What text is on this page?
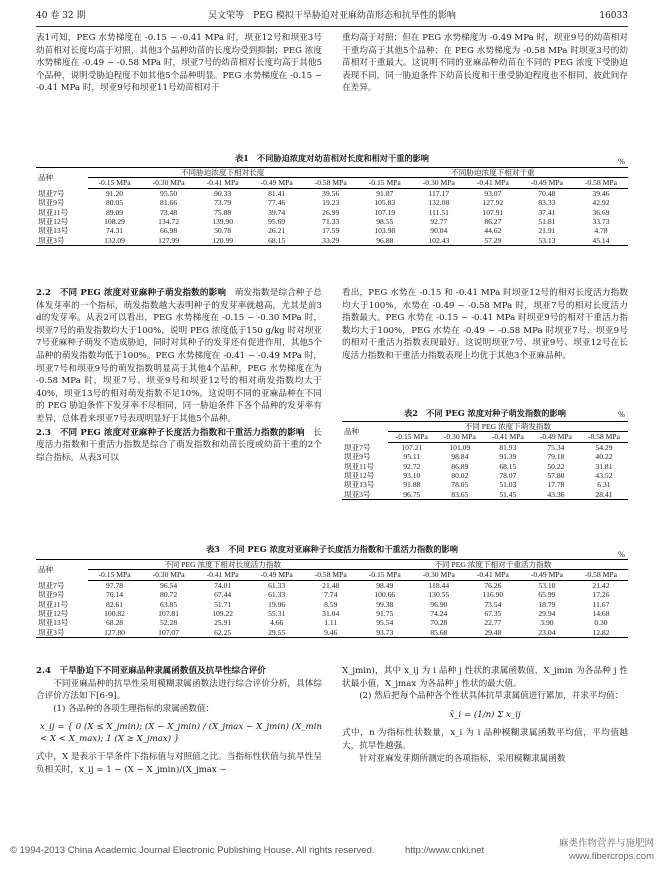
40 卷 32 期	吴文荣等　PEG 模拟干旱胁迫对亚麻幼苗形态和抗旱性的影响	16033

表1可知，PEG 水势梯度在 -0.15 ~ -0.41 MPa 时，坝亚12号和坝亚3号幼苗相对长度均高于对照，其他3个品种幼苗的长度均受到抑制；PEG 浓度水势梯度在 -0.49 ~ -0.58 MPa 时，坝亚7号的幼苗相对长度均高于其他5个品种，说明受胁迫程度不如其他5个品种明显。PEG 水势梯度在 -0.15 ~ -0.41 MPa 时，坝亚9号和坝亚11号幼苗相对干

重均高于对照；但在 PEG 水势梯度为 -0.49 MPa 时，坝亚9号的幼苗相对干重均高于其他5个品种；在 PEG 水势梯度为 -0.58 MPa 时坝亚3号的幼苗相对干重最大。这说明不同的亚麻品种幼苗在不同的 PEG 浓度下受胁迫表现不同，同一胁迫条件下幼苗长度和干重受胁迫程度也不相同，彼此间存在差异。

表1　不同胁迫浓度对幼苗相对长度和相对干重的影响	%
品种	不同胁迫浓度下相对长度					不同胁迫浓度下相对干重				
	-0.15 MPa	-0.30 MPa	-0.41 MPa	-0.49 MPa	-0.58 MPa	-0.15 MPa	-0.30 MPa	-0.41 MPa	-0.49 MPa	-0.58 MPa
坝亚7号	91.20	95.50	90.33	81.41	39.56	91.87	117.17	93.07	70.48	39.46
坝亚9号	80.05	81.66	73.79	77.46	19.23	105.83	132.08	127.92	83.33	42.92
坝亚11号	89.09	73.48	75.88	39.74	26.99	107.19	111.51	107.91	37.41	36.69
坝亚12号	108.29	134.72	139.90	95.69	71.33	98.55	92.77	86.27	51.81	33.73
坝亚13号	74.31	66.98	50.78	26.21	17.59	103.98	90.04	44.62	21.91	4.78
坝亚3号	132.09	127.99	120.99	68.15	33.29	96.88	102.43	57.29	53.13	45.14

2.2　不同 PEG 浓度对亚麻种子萌发指数的影响　 萌发指数是综合种子总体发芽率的一个指标，萌发指数越大表明种子的发芽率就越高，尤其是前3 d的发芽率。从表2可以看出，PEG 水势梯度在 -0.15 ~ -0.30 MPa 时，坝亚7号的萌发指数均大于100%，说明 PEG 浓度低于150 g/kg 时对坝亚7号亚麻种子萌发不造成胁迫，同时对其种子的发芽还有促进作用，其他5个品种的萌发指数均低于100%。PEG 水势梯度在 -0.41 ~ -0.49 MPa 时，坝亚7号和坝亚9号的萌发指数明显高于其他4个品种，PEG 水势梯度在为 -0.58 MPa 时，坝亚7号、坝亚9号和坝亚12号的相对萌发指数均大于40%，坝亚13号的相对萌发指数不足10%。这说明不同的亚麻品种在不同的 PEG 胁迫条件下发芽率不尽相同，同一胁迫条件下各个品种的发芽率有差异，总体看来坝亚7号表现明显好于其他5个品种。

2.3　不同 PEG 浓度对亚麻种子长度活力指数和干重活力指数的影响　 长度活力指数和干重活力指数是综合了萌发指数和幼苗长度或幼苗干重的2个综合指标。从表3可以

看出，PEG 水势在 -0.15 和 -0.41 MPa 时坝亚12号的相对长度活力指数均大于100%，水势在 -0.49 ~ -0.58 MPa 时，坝亚7号的相对长度活力指数最大。PEG 水势在 -0.15 ~ -0.41 MPa 时坝亚9号的相对干重活力指数均大于100%，PEG 水势在 -0.49 ~ -0.58 MPa 时坝亚7号、坝亚9号的相对干重活力指数表现最好。这说明坝亚7号、坝亚9号、坝亚12号在长度活力指数和干重活力指数表现上均优于其他3个亚麻品种。

表2　不同 PEG 浓度对种子萌发指数的影响	%
品种	不同 PEG 浓度下萌发指数				
	-0.15 MPa	-0.30 MPa	-0.41 MPa	-0.49 MPa	-0.58 MPa
坝亚7号	107.21	101.09	81.93	75.34	54.29
坝亚9号	95.11	98.84	91.39	79.18	40.22
坝亚11号	92.72	86.89	68.15	50.22	31.81
坝亚12号	93.10	80.02	78.07	57.80	43.52
坝亚13号	91.88	78.05	51.03	17.78	6.31
坝亚3号	96.75	83.65	51.45	43.36	28.41
表3　不同 PEG 浓度对亚麻种子长度活力指数和干重活力指数的影响
%
品种	不同 PEG 浓度下相对长度活力指数					不同 PEG 浓度下相对干重活力指数				
	-0.15 MPa	-0.30 MPa	-0.41 MPa	-0.49 MPa	-0.58 MPa	-0.15 MPa	-0.30 MPa	-0.41 MPa	-0.49 MPa	-0.58 MPa
坝亚7号	97.78	96.54	74.01	61.33	21.48	98.49	118.44	76.26	53.10	21.42
坝亚9号	76.14	80.72	67.44	61.33	7.74	100.66	130.55	116.90	65.99	17.26
坝亚11号	82.61	63.85	51.71	19.96	8.59	99.38	96.90	73.54	18.79	11.67
坝亚12号	100.82	107.81	109.22	55.31	31.04	91.75	74.24	67.35	29.94	14.68
坝亚13号	68.28	52.28	25.91	4.66	1.11	95.54	70.28	22.77	3.90	0.30
坝亚3号	127.80	107.07	62.25	29.55	9.46	93.73	85.68	29.48	23.04	12.82

2.4　干旱胁迫下不同亚麻品种隶属函数值及抗旱性综合评价

不同亚麻品种的抗旱性采用模糊隶属函数法进行综合评价分析，具体综合评价方法如下[6-9]。

(1) 各品种的各项生理指标的隶属函数值：

x_ij = { 0 (X ≤ X_jmin); (X − X_jmin) / (X_jmax − X_jmin) (X_min < X < X_max); 1 (X ≥ X_jmax) }

式中，X 是表示干旱条件下指标值与对照值之比。当指标性状值与抗旱性呈负相关时，x_ij = 1 − (X − X_jmin)/(X_jmax −

X_jmin)，其中 x_ij 为 i 品种 j 性状的隶属函数值，X_jmin 为各品种 j 性状最小值，X_jmax 为各品种 j 性状的最大值。

(2) 然后把每个品种各个性状具体抗旱隶属值进行累加，并求平均值：

x̄_i = (1/n) Σ x_ij

式中，n 为指标性状数量，x_i 为 i 品种模糊隶属函数平均值，平均值越大，抗旱性越强。

针对亚麻发芽期所测定的各项指标，采用模糊隶属函数

© 1994-2013 China Academic Journal Electronic Publishing House. All rights reserved.	http://www.cnki.net
麻类作物营养与施肥网
www.fibercrops.com
